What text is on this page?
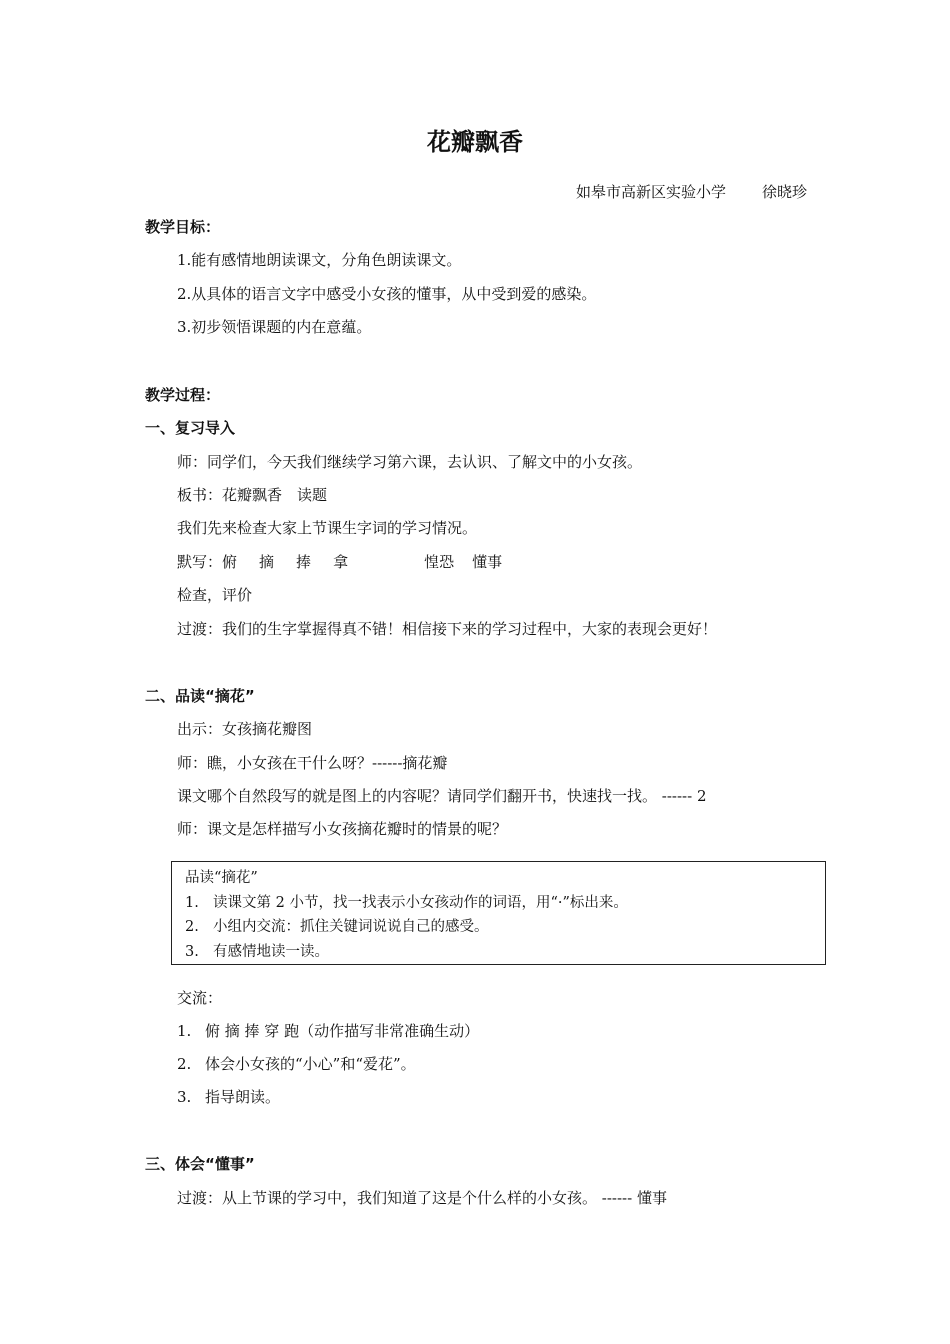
花瓣飘香
如皋市高新区实验小学 徐晓珍
教学目标：
1.能有感情地朗读课文，分角色朗读课文。
2.从具体的语言文字中感受小女孩的懂事，从中受到爱的感染。
3.初步领悟课题的内在意蕴。
教学过程：
一、复习导入
师：同学们，今天我们继续学习第六课，去认识、了解文中的小女孩。
板书：花瓣飘香　读题
我们先来检查大家上节课生字词的学习情况。
默写：俯 摘 捧 拿	惶恐 懂事
检查，评价
过渡：我们的生字掌握得真不错！相信接下来的学习过程中，大家的表现会更好！
二、品读“摘花”
出示：女孩摘花瓣图
师：瞧，小女孩在干什么呀？------摘花瓣
课文哪个自然段写的就是图上的内容呢？请同学们翻开书，快速找一找。 ------ 2
师：课文是怎样描写小女孩摘花瓣时的情景的呢？
品读“摘花”
1. 读课文第 2 小节，找一找表示小女孩动作的词语，用“·”标出来。
2. 小组内交流：抓住关键词说说自己的感受。
3. 有感情地读一读。
交流：
1. 俯 摘 捧 穿 跑（动作描写非常准确生动）
2. 体会小女孩的“小心”和“爱花”。
3. 指导朗读。
三、体会“懂事”
过渡：从上节课的学习中，我们知道了这是个什么样的小女孩。 ------ 懂事
